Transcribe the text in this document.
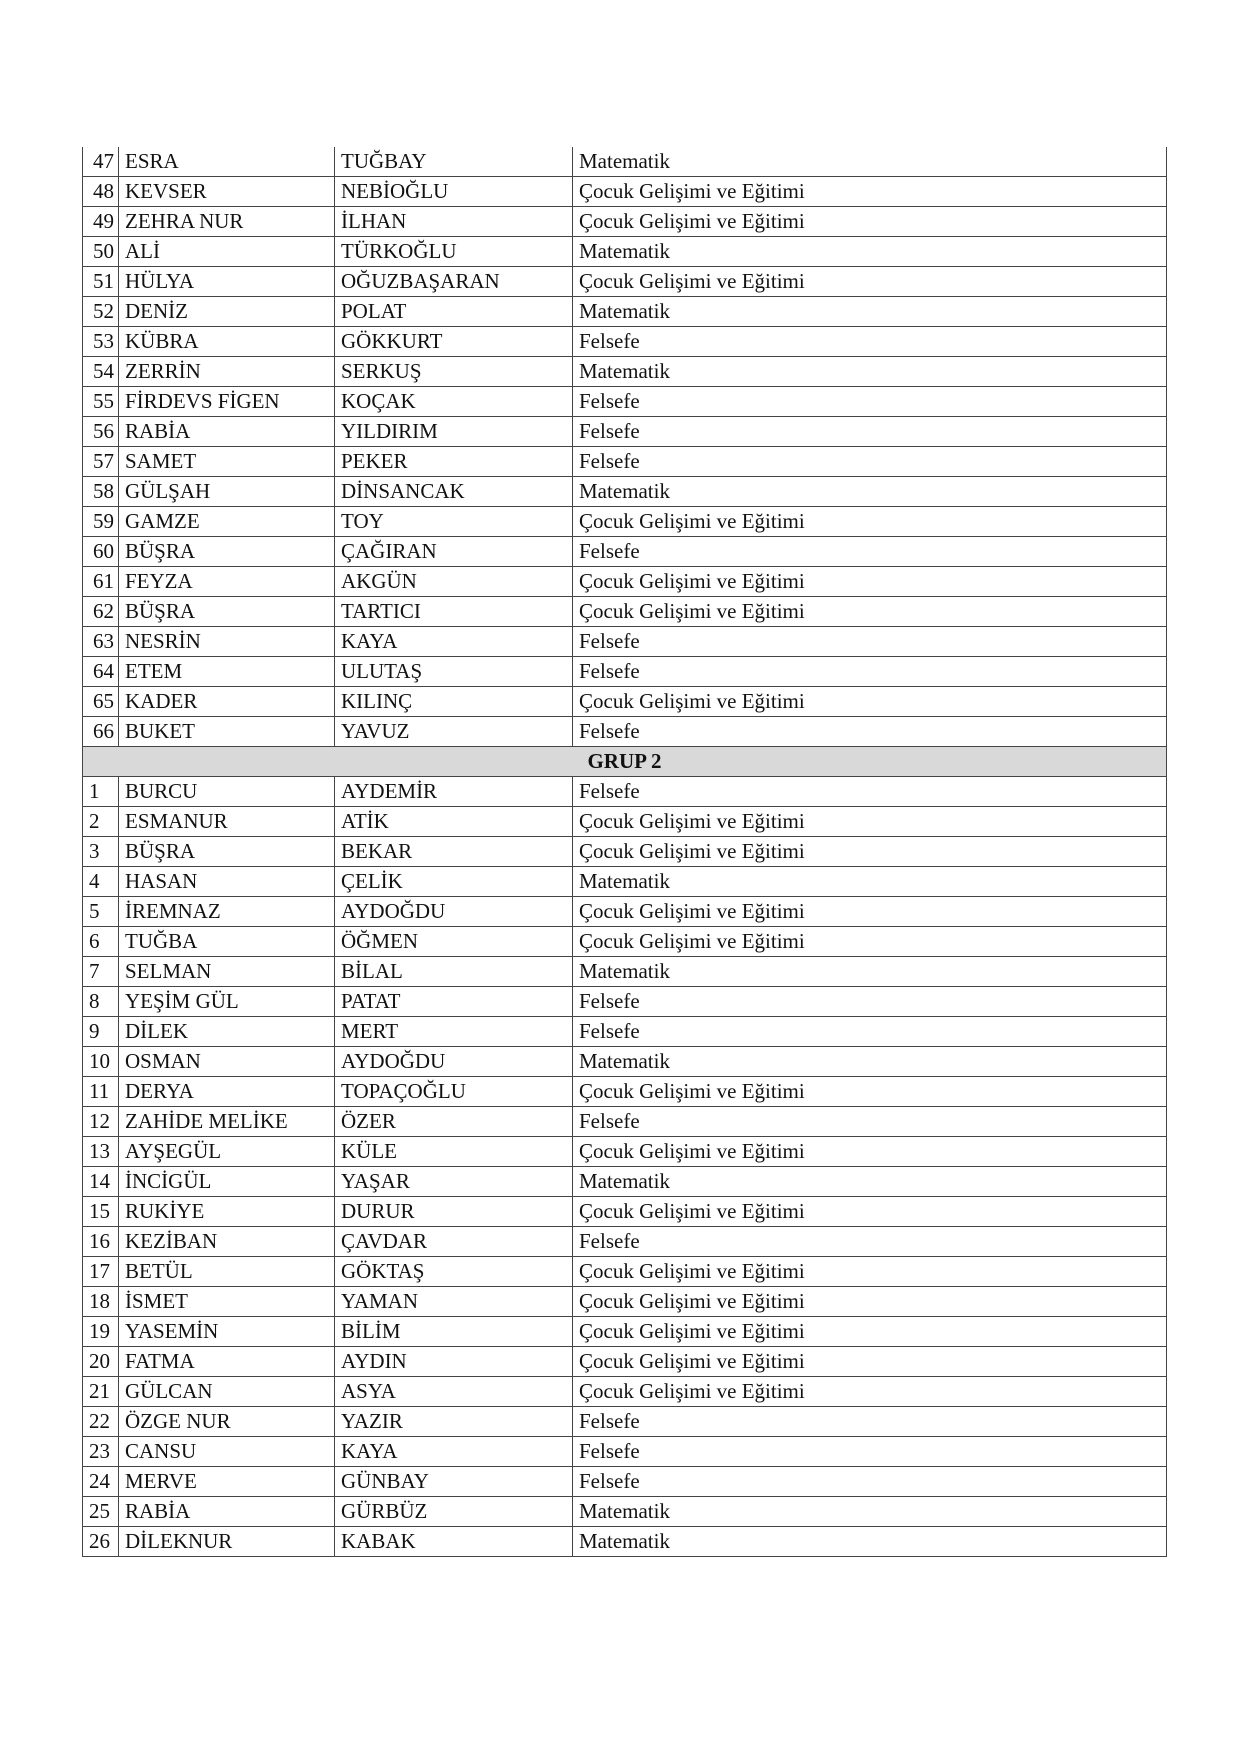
47	ESRA	TUĞBAY	Matematik
48	KEVSER	NEBİOĞLU	Çocuk Gelişimi ve Eğitimi
49	ZEHRA NUR	İLHAN	Çocuk Gelişimi ve Eğitimi
50	ALİ	TÜRKOĞLU	Matematik
51	HÜLYA	OĞUZBAŞARAN	Çocuk Gelişimi ve Eğitimi
52	DENİZ	POLAT	Matematik
53	KÜBRA	GÖKKURT	Felsefe
54	ZERRİN	SERKUŞ	Matematik
55	FİRDEVS FİGEN	KOÇAK	Felsefe
56	RABİA	YILDIRIM	Felsefe
57	SAMET	PEKER	Felsefe
58	GÜLŞAH	DİNSANCAK	Matematik
59	GAMZE	TOY	Çocuk Gelişimi ve Eğitimi
60	BÜŞRA	ÇAĞIRAN	Felsefe
61	FEYZA	AKGÜN	Çocuk Gelişimi ve Eğitimi
62	BÜŞRA	TARTICI	Çocuk Gelişimi ve Eğitimi
63	NESRİN	KAYA	Felsefe
64	ETEM	ULUTAŞ	Felsefe
65	KADER	KILINÇ	Çocuk Gelişimi ve Eğitimi
66	BUKET	YAVUZ	Felsefe
GRUP 2			
1	BURCU	AYDEMİR	Felsefe
2	ESMANUR	ATİK	Çocuk Gelişimi ve Eğitimi
3	BÜŞRA	BEKAR	Çocuk Gelişimi ve Eğitimi
4	HASAN	ÇELİK	Matematik
5	İREMNAZ	AYDOĞDU	Çocuk Gelişimi ve Eğitimi
6	TUĞBA	ÖĞMEN	Çocuk Gelişimi ve Eğitimi
7	SELMAN	BİLAL	Matematik
8	YEŞİM GÜL	PATAT	Felsefe
9	DİLEK	MERT	Felsefe
10	OSMAN	AYDOĞDU	Matematik
11	DERYA	TOPAÇOĞLU	Çocuk Gelişimi ve Eğitimi
12	ZAHİDE MELİKE	ÖZER	Felsefe
13	AYŞEGÜL	KÜLE	Çocuk Gelişimi ve Eğitimi
14	İNCİGÜL	YAŞAR	Matematik
15	RUKİYE	DURUR	Çocuk Gelişimi ve Eğitimi
16	KEZİBAN	ÇAVDAR	Felsefe
17	BETÜL	GÖKTAŞ	Çocuk Gelişimi ve Eğitimi
18	İSMET	YAMAN	Çocuk Gelişimi ve Eğitimi
19	YASEMİN	BİLİM	Çocuk Gelişimi ve Eğitimi
20	FATMA	AYDIN	Çocuk Gelişimi ve Eğitimi
21	GÜLCAN	ASYA	Çocuk Gelişimi ve Eğitimi
22	ÖZGE NUR	YAZIR	Felsefe
23	CANSU	KAYA	Felsefe
24	MERVE	GÜNBAY	Felsefe
25	RABİA	GÜRBÜZ	Matematik
26	DİLEKNUR	KABAK	Matematik
